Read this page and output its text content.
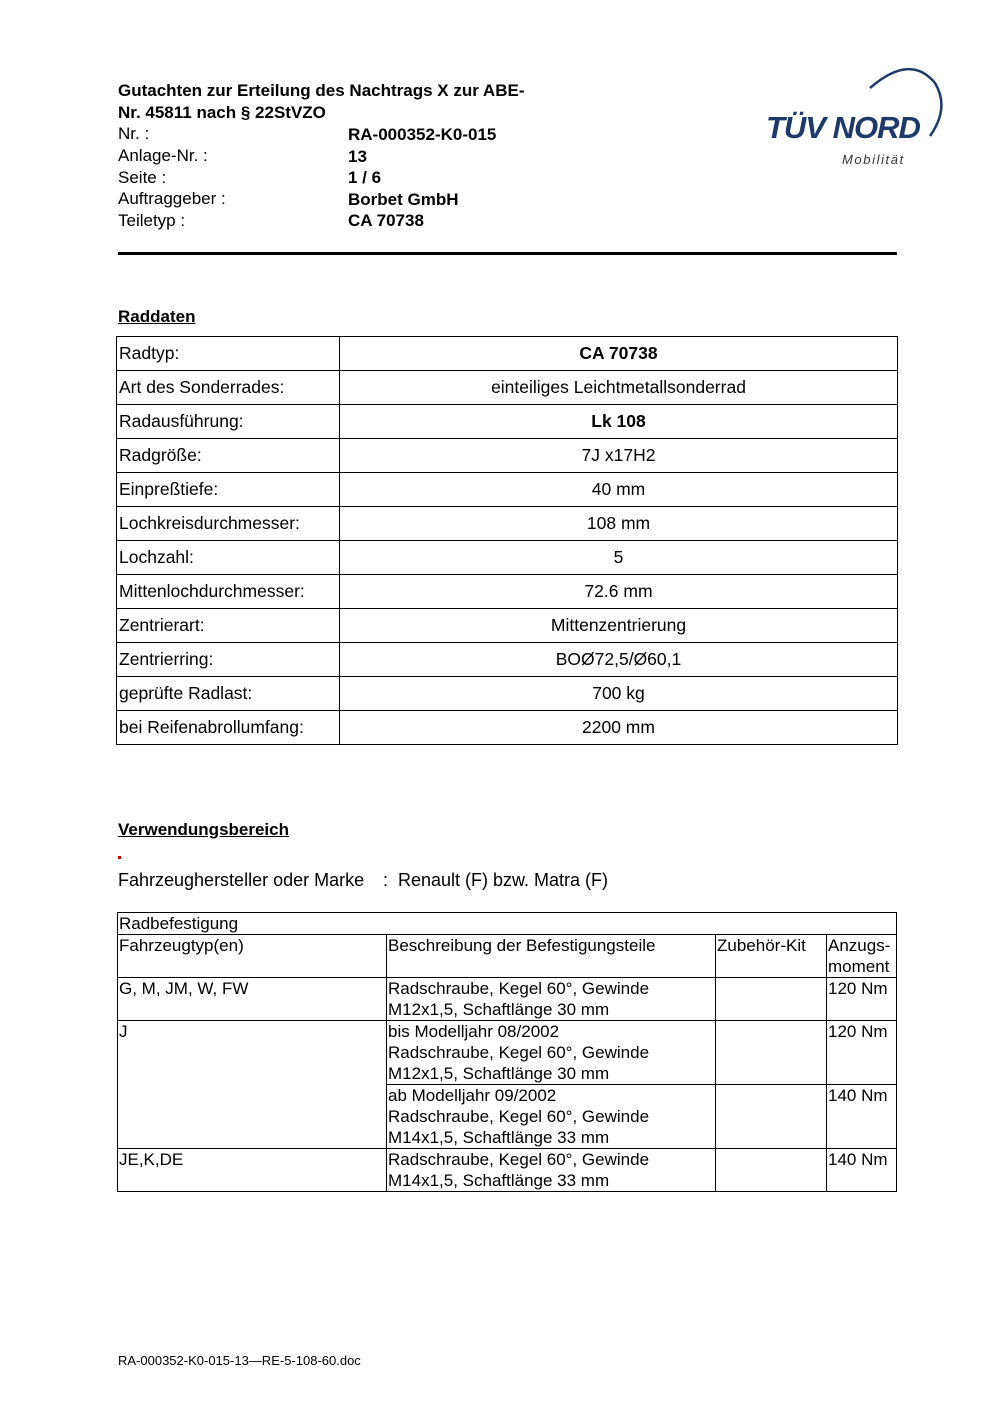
Gutachten zur Erteilung des Nachtrags X zur ABE-
Nr. 45811 nach § 22StVZO
Nr. :	RA-000352-K0-015
Anlage-Nr. :	13
Seite :	1 / 6
Auftraggeber :	Borbet GmbH
Teiletyp :	CA 70738
TÜV NORD
Mobilität
Raddaten
Radtyp:	CA 70738
Art des Sonderrades:	einteiliges Leichtmetallsonderrad
Radausführung:	Lk 108
Radgröße:	7J x17H2
Einpreßtiefe:	40 mm
Lochkreisdurchmesser:	108 mm
Lochzahl:	5
Mittenlochdurchmesser:	72.6 mm
Zentrierart:	Mittenzentrierung
Zentrierring:	BOØ72,5/Ø60,1
geprüfte Radlast:	700 kg
bei Reifenabrollumfang:	2200 mm
Verwendungsbereich
Fahrzeughersteller oder Marke : Renault (F) bzw. Matra (F)
Radbefestigung			
Fahrzeugtyp(en)	Beschreibung der Befestigungsteile	Zubehör-Kit	Anzugs-
moment

G, M, JM, W, FW	Radschraube, Kegel 60°, Gewinde
M12x1,5, Schaftlänge 30 mm		120 Nm
J	bis Modelljahr 08/2002
Radschraube, Kegel 60°, Gewinde
M12x1,5, Schaftlänge 30 mm		120 Nm

	ab Modelljahr 09/2002
Radschraube, Kegel 60°, Gewinde
M14x1,5, Schaftlänge 33 mm		140 Nm
JE,K,DE	Radschraube, Kegel 60°, Gewinde
M14x1,5, Schaftlänge 33 mm		140 Nm
RA-000352-K0-015-13—RE-5-108-60.doc
